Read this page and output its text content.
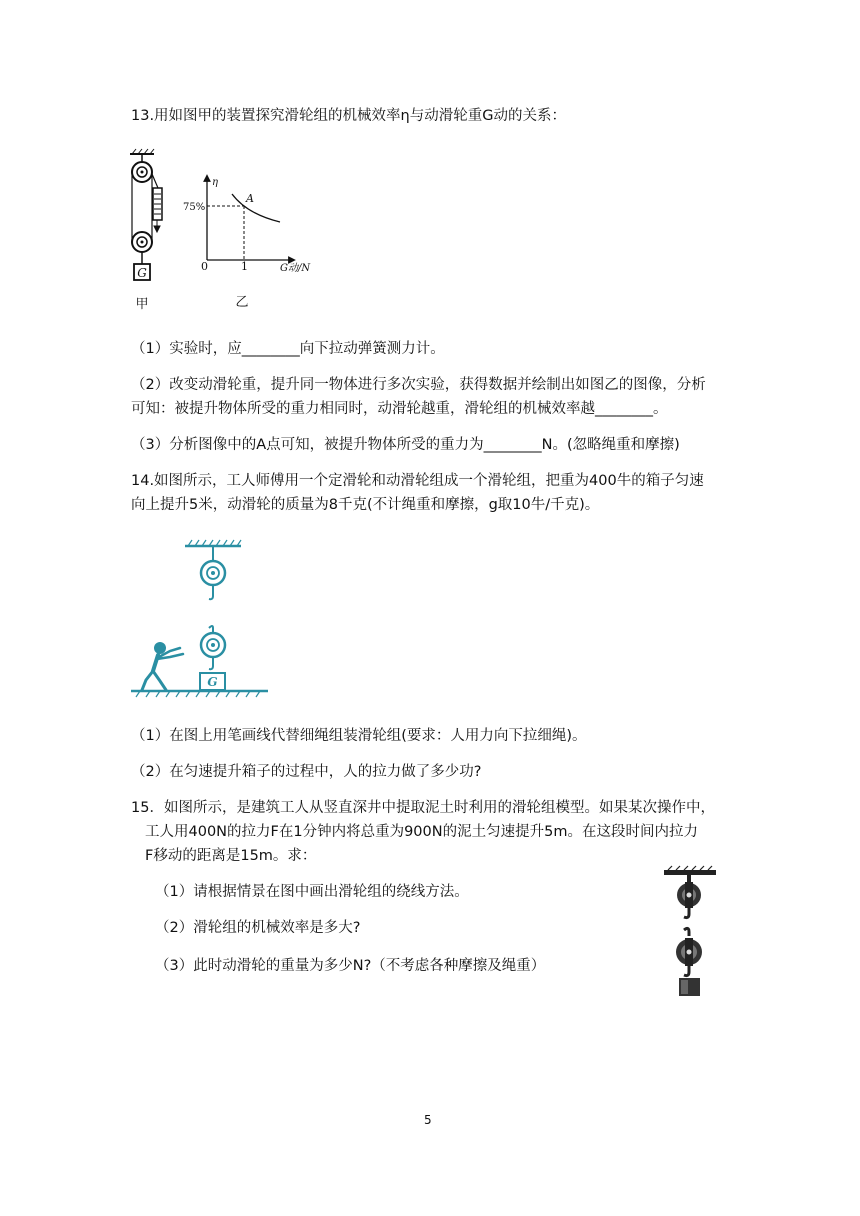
13.用如图甲的装置探究滑轮组的机械效率η与动滑轮重G动的关系：
G
甲
η
G动/N
0
75%
1
A
乙
（1）实验时，应________向下拉动弹簧测力计。
（2）改变动滑轮重，提升同一物体进行多次实验，获得数据并绘制出如图乙的图像，分析
可知：被提升物体所受的重力相同时，动滑轮越重，滑轮组的机械效率越________。
（3）分析图像中的A点可知，被提升物体所受的重力为________N。(忽略绳重和摩擦)
14.如图所示，工人师傅用一个定滑轮和动滑轮组成一个滑轮组，把重为400牛的箱子匀速
向上提升5米，动滑轮的质量为8千克(不计绳重和摩擦，g取10牛/千克)。
G
（1）在图上用笔画线代替细绳组装滑轮组(要求：人用力向下拉细绳)。
（2）在匀速提升箱子的过程中，人的拉力做了多少功?
15．如图所示，是建筑工人从竖直深井中提取泥土时利用的滑轮组模型。如果某次操作中，
工人用400N的拉力F在1分钟内将总重为900N的泥土匀速提升5m。在这段时间内拉力
F移动的距离是15m。求：
（1）请根据情景在图中画出滑轮组的绕线方法。
（2）滑轮组的机械效率是多大?
（3）此时动滑轮的重量为多少N?（不考虑各种摩擦及绳重）
5
